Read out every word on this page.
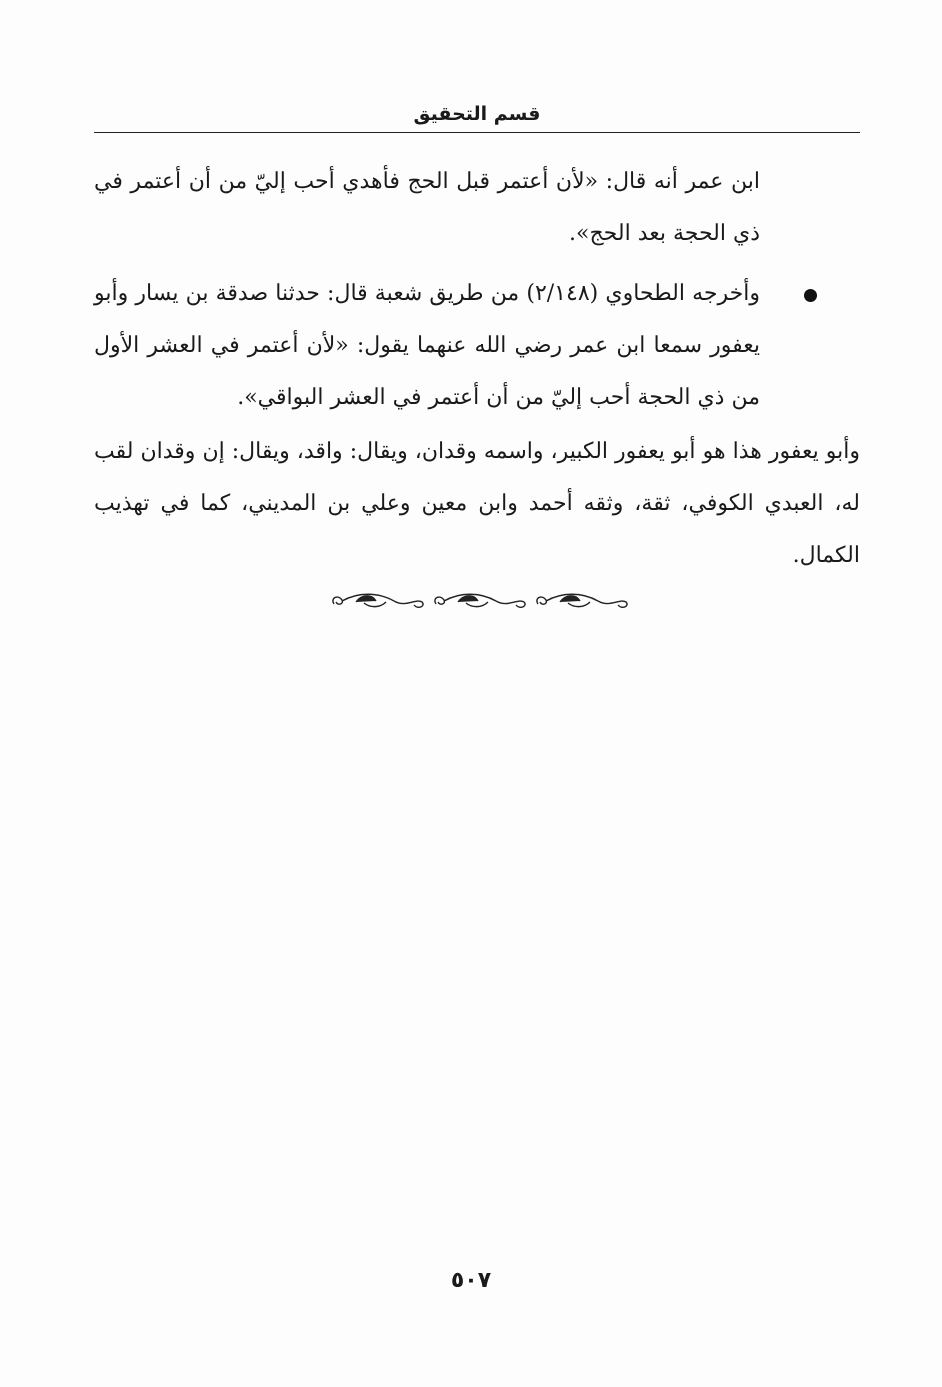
قسم التحقيق

ابن عمر أنه قال: «لأن أعتمر قبل الحج فأهدي أحب إليّ من أن أعتمر في ذي الحجة بعد الحج».

وأخرجه الطحاوي (٢/١٤٨) من طريق شعبة قال: حدثنا صدقة بن يسار وأبو يعفور سمعا ابن عمر رضي الله عنهما يقول: «لأن أعتمر في العشر الأول من ذي الحجة أحب إليّ من أن أعتمر في العشر البواقي».

وأبو يعفور هذا هو أبو يعفور الكبير، واسمه وقدان، ويقال: واقد، ويقال: إن وقدان لقب له، العبدي الكوفي، ثقة، وثقه أحمد وابن معين وعلي بن المديني، كما في تهذيب الكمال.

٥٠٧
